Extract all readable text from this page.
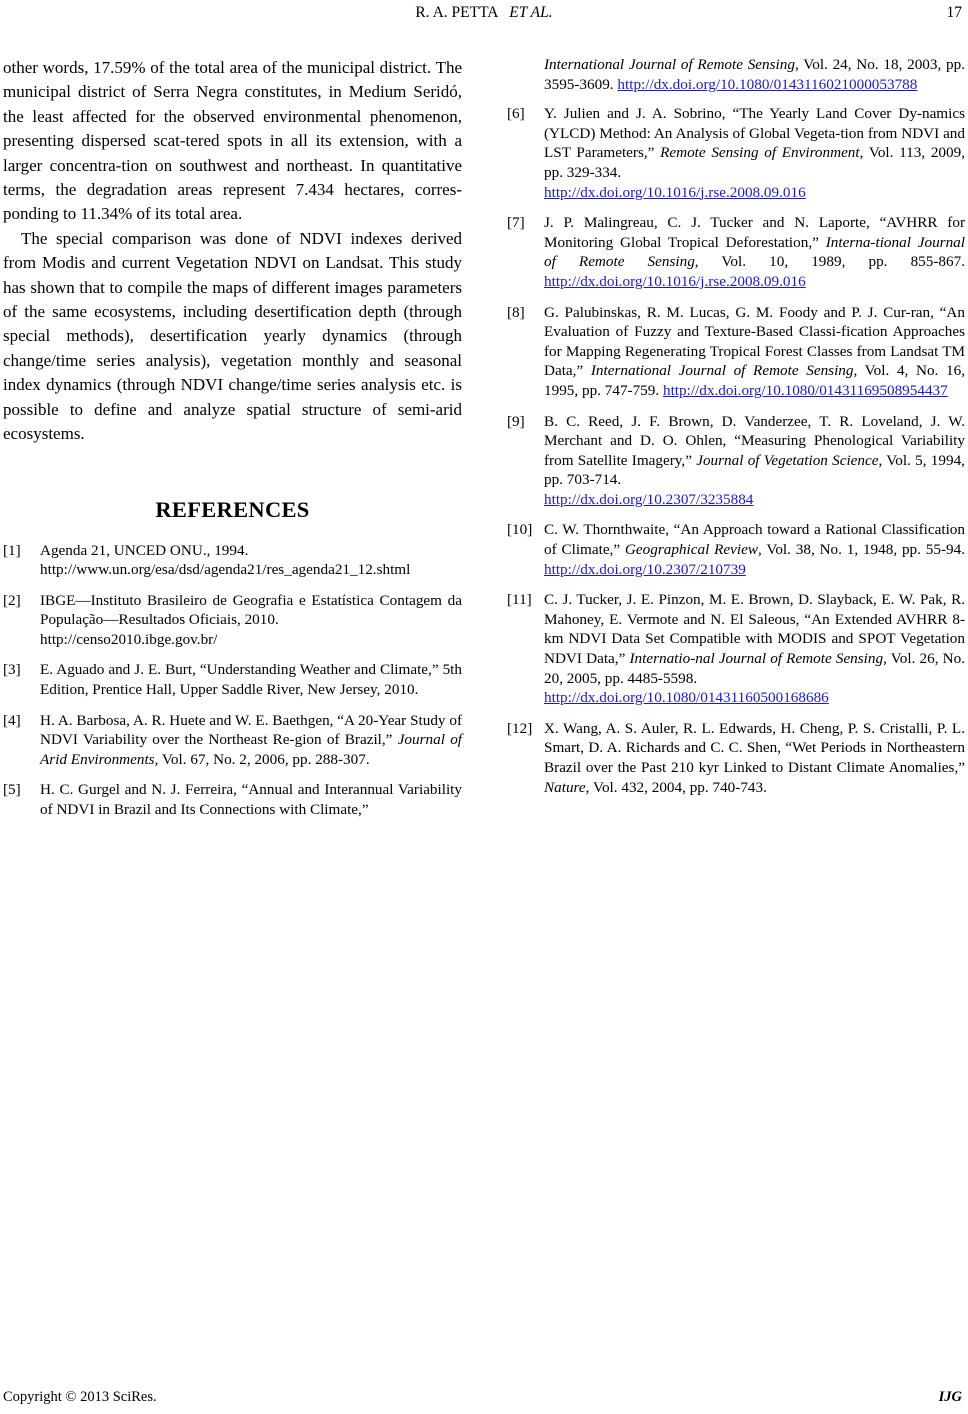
R. A. PETTA ET AL.	17

other words, 17.59% of the total area of the municipal district. The municipal district of Serra Negra constitutes, in Medium Seridó, the least affected for the observed environmental phenomenon, presenting dispersed scat-tered spots in all its extension, with a larger concentra-tion on southwest and northeast. In quantitative terms, the degradation areas represent 7.434 hectares, corres-ponding to 11.34% of its total area.

The special comparison was done of NDVI indexes derived from Modis and current Vegetation NDVI on Landsat. This study has shown that to compile the maps of different images parameters of the same ecosystems, including desertification depth (through special methods), desertification yearly dynamics (through change/time series analysis), vegetation monthly and seasonal index dynamics (through NDVI change/time series analysis etc. is possible to define and analyze spatial structure of semi-arid ecosystems.

REFERENCES
[1] Agenda 21, UNCED ONU., 1994.
http://www.un.org/esa/dsd/agenda21/res_agenda21_12.shtml
[2] IBGE—Instituto Brasileiro de Geografia e Estatística Contagem da População—Resultados Oficiais, 2010.
http://censo2010.ibge.gov.br/
[3] E. Aguado and J. E. Burt, “Understanding Weather and Climate,” 5th Edition, Prentice Hall, Upper Saddle River, New Jersey, 2010.
[4] H. A. Barbosa, A. R. Huete and W. E. Baethgen, “A 20-Year Study of NDVI Variability over the Northeast Re-gion of Brazil,” Journal of Arid Environments, Vol. 67, No. 2, 2006, pp. 288-307.
[5] H. C. Gurgel and N. J. Ferreira, “Annual and Interannual Variability of NDVI in Brazil and Its Connections with Climate,”
International Journal of Remote Sensing, Vol. 24, No. 18, 2003, pp. 3595-3609. http://dx.doi.org/10.1080/0143116021000053788
[6] Y. Julien and J. A. Sobrino, “The Yearly Land Cover Dy-namics (YLCD) Method: An Analysis of Global Vegeta-tion from NDVI and LST Parameters,” Remote Sensing of Environment, Vol. 113, 2009, pp. 329-334.
http://dx.doi.org/10.1016/j.rse.2008.09.016
[7] J. P. Malingreau, C. J. Tucker and N. Laporte, “AVHRR for Monitoring Global Tropical Deforestation,” Interna-tional Journal of Remote Sensing, Vol. 10, 1989, pp. 855-867. http://dx.doi.org/10.1016/j.rse.2008.09.016
[8] G. Palubinskas, R. M. Lucas, G. M. Foody and P. J. Cur-ran, “An Evaluation of Fuzzy and Texture-Based Classi-fication Approaches for Mapping Regenerating Tropical Forest Classes from Landsat TM Data,” International Journal of Remote Sensing, Vol. 4, No. 16, 1995, pp. 747-759. http://dx.doi.org/10.1080/01431169508954437
[9] B. C. Reed, J. F. Brown, D. Vanderzee, T. R. Loveland, J. W. Merchant and D. O. Ohlen, “Measuring Phenological Variability from Satellite Imagery,” Journal of Vegetation Science, Vol. 5, 1994, pp. 703-714.
http://dx.doi.org/10.2307/3235884
[10] C. W. Thornthwaite, “An Approach toward a Rational Classification of Climate,” Geographical Review, Vol. 38, No. 1, 1948, pp. 55-94. http://dx.doi.org/10.2307/210739
[11] C. J. Tucker, J. E. Pinzon, M. E. Brown, D. Slayback, E. W. Pak, R. Mahoney, E. Vermote and N. El Saleous, “An Extended AVHRR 8-km NDVI Data Set Compatible with MODIS and SPOT Vegetation NDVI Data,” Internatio-nal Journal of Remote Sensing, Vol. 26, No. 20, 2005, pp. 4485-5598.
http://dx.doi.org/10.1080/01431160500168686
[12] X. Wang, A. S. Auler, R. L. Edwards, H. Cheng, P. S. Cristalli, P. L. Smart, D. A. Richards and C. C. Shen, “Wet Periods in Northeastern Brazil over the Past 210 kyr Linked to Distant Climate Anomalies,” Nature, Vol. 432, 2004, pp. 740-743.
Copyright © 2013 SciRes.	IJG
